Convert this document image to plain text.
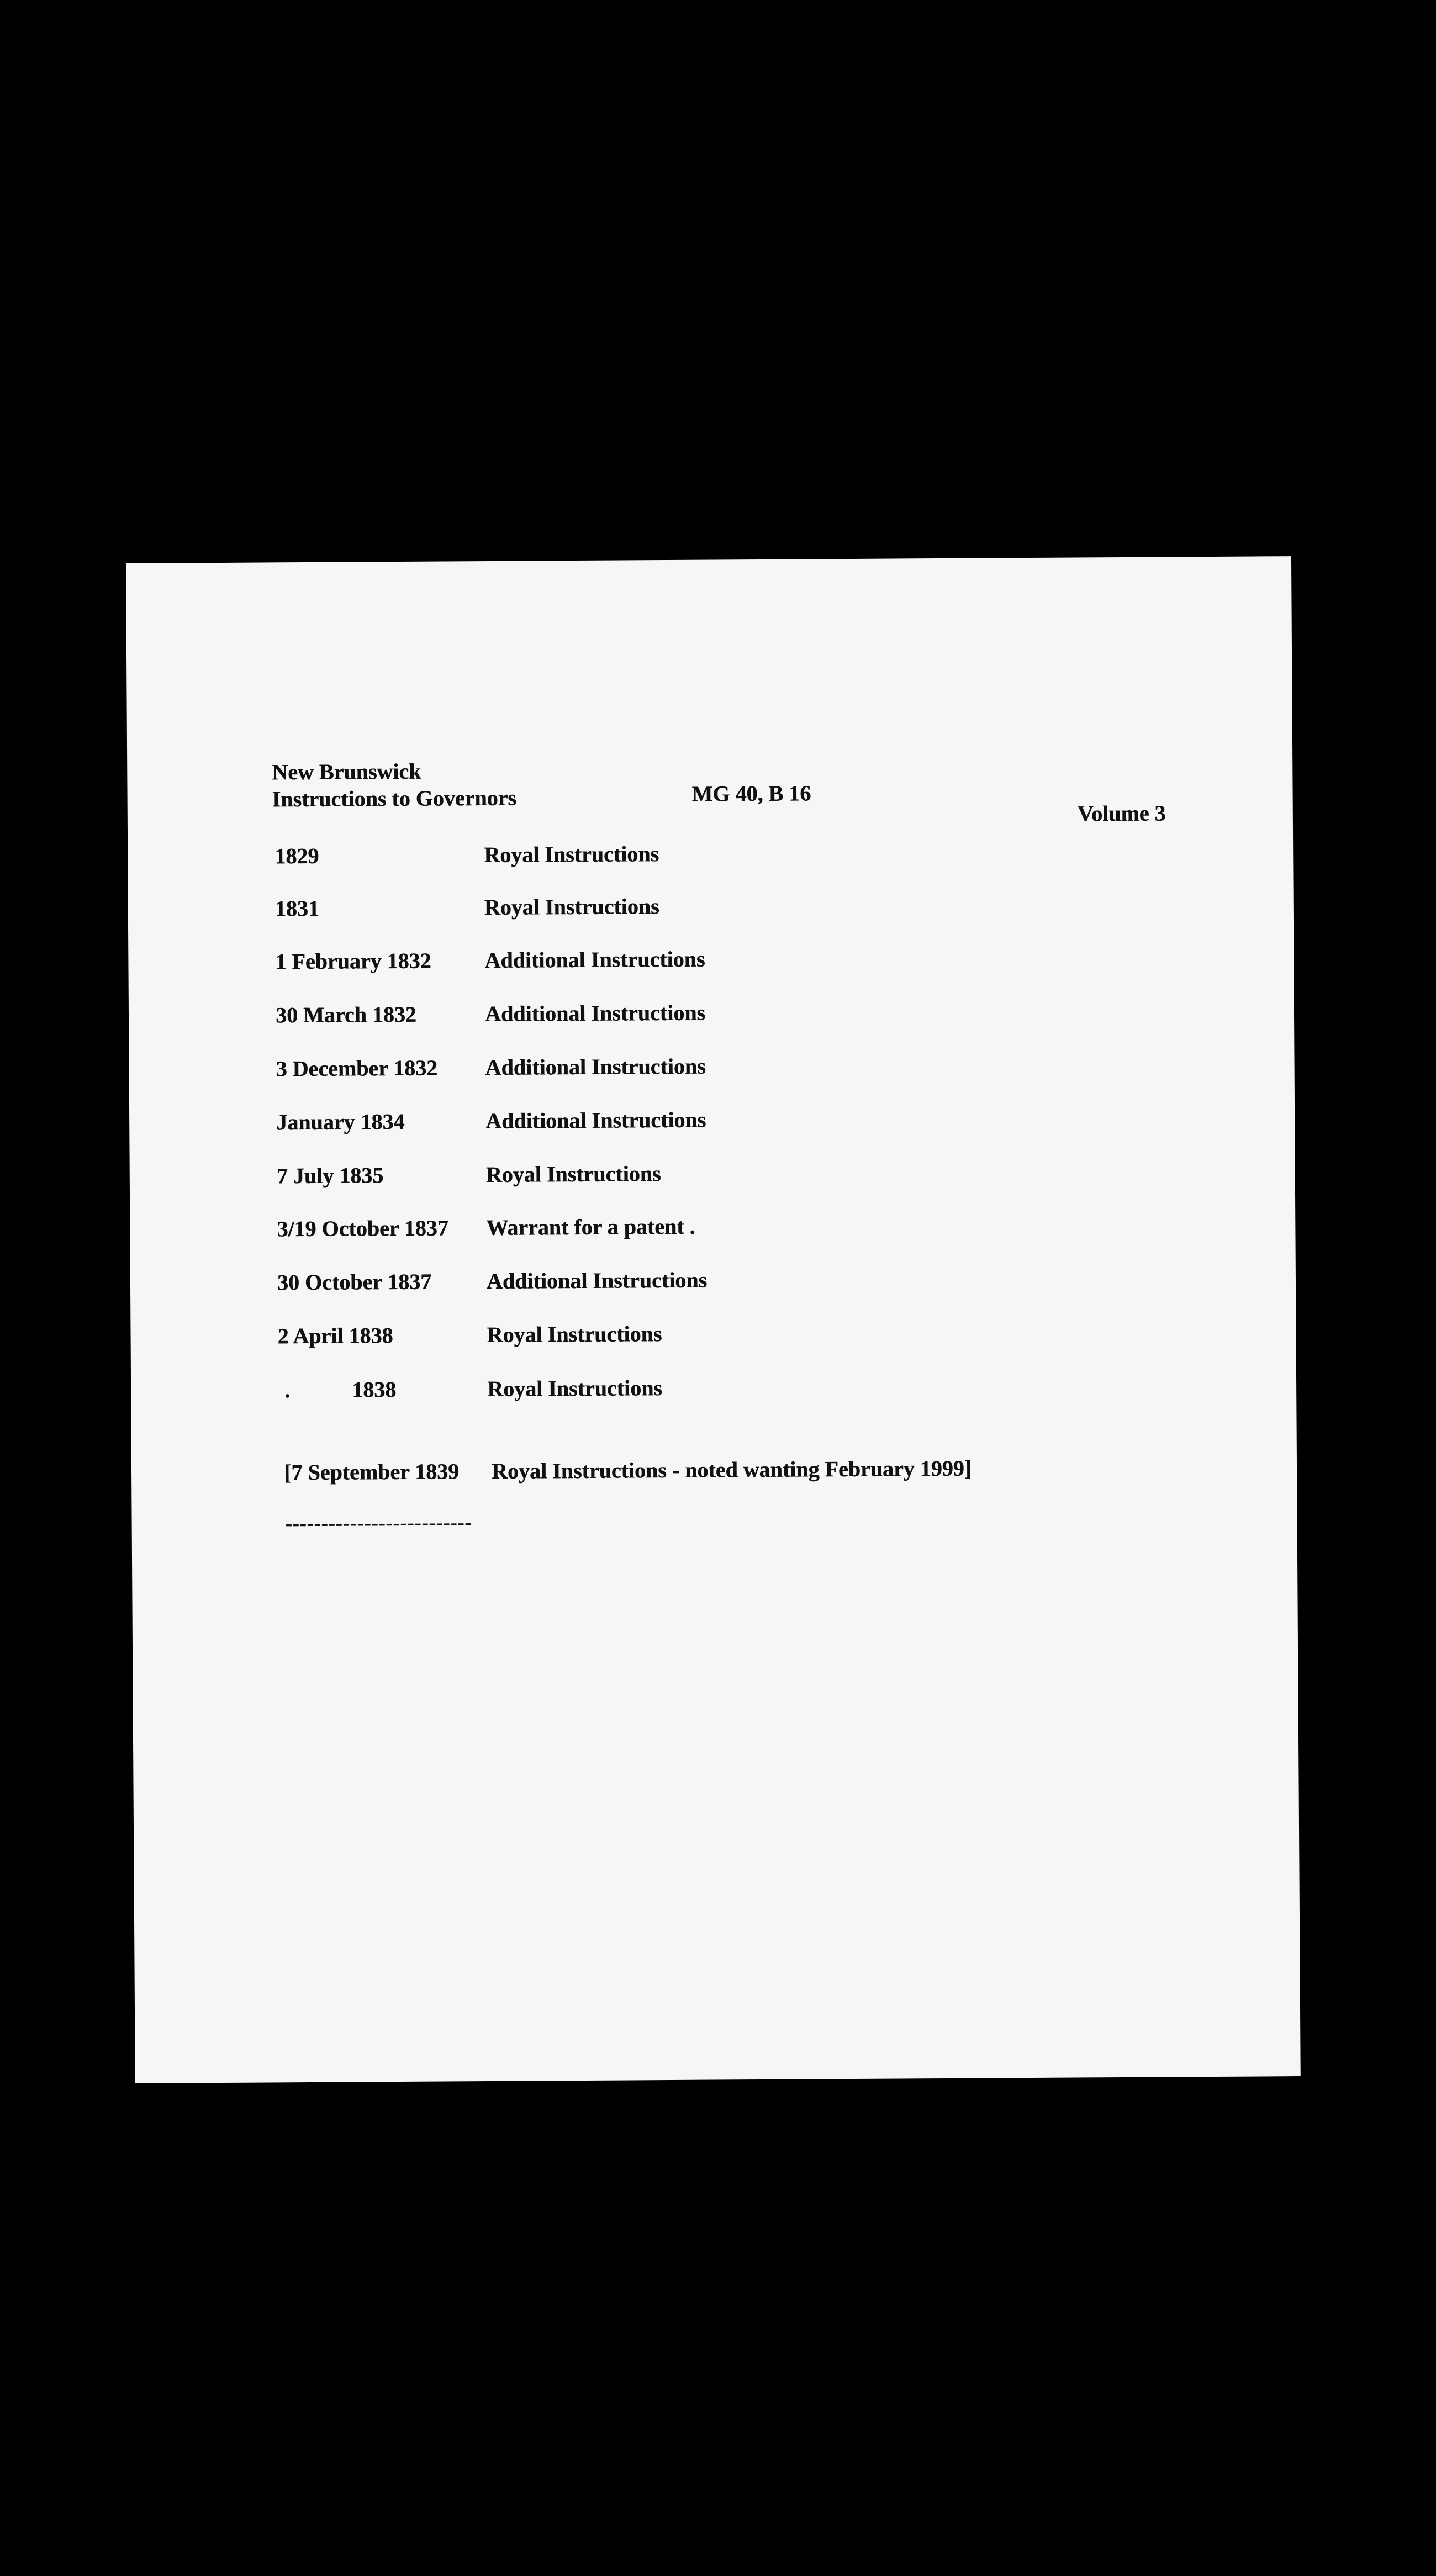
New Brunswick
Instructions to Governors	MG 40, B 16
Volume 3
1829	Royal Instructions
1831	Royal Instructions
1 February 1832 Additional Instructions
30 March 1832	Additional Instructions
3 December 1832 Additional Instructions
January 1834	Additional Instructions
7 July 1835	Royal Instructions
3/19 October 1837 Warrant for a patent .
30 October 1837 Additional Instructions
2 April 1838	Royal Instructions
.	1838	Royal Instructions
[7 September 1839 Royal Instructions - noted wanting February 1999]
--------------------------
